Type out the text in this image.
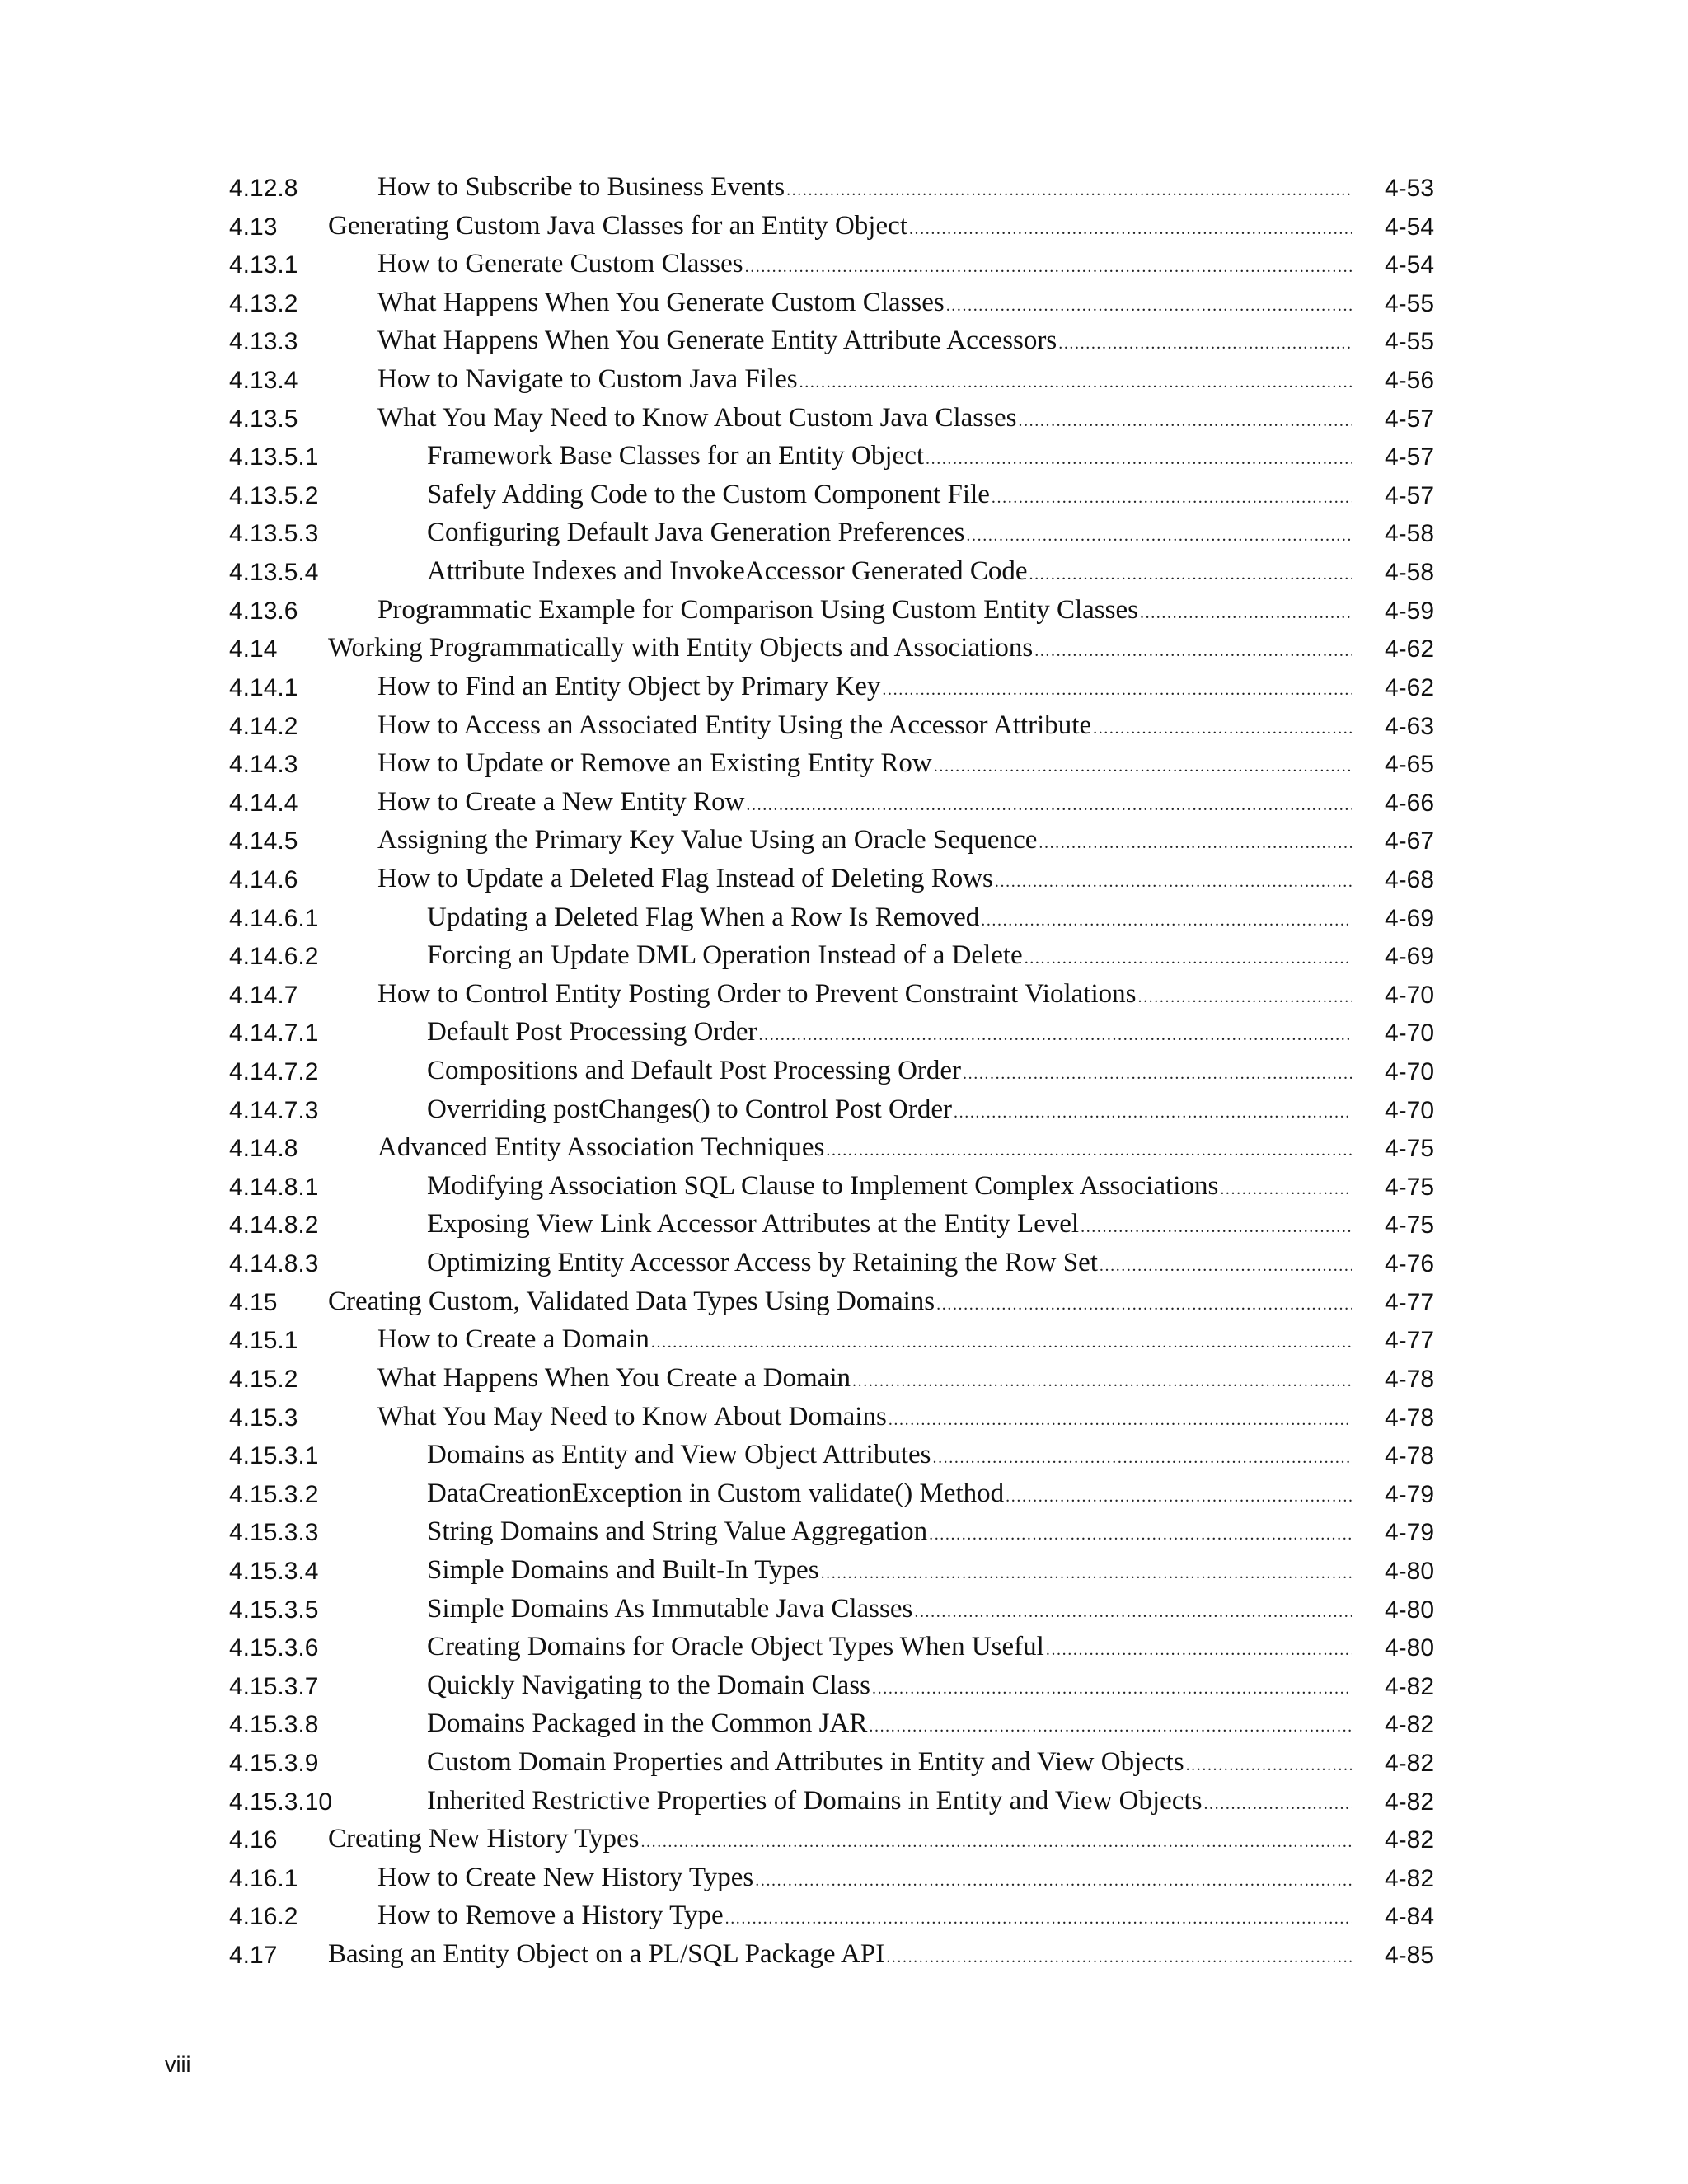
4.12.8	How to Subscribe to Business Events .....	4-53
4.13 Generating Custom Java Classes for an Entity Object .....	4-54
4.13.1	How to Generate Custom Classes .....	4-54
4.13.2	What Happens When You Generate Custom Classes .....	4-55
4.13.3	What Happens When You Generate Entity Attribute Accessors .....	4-55
4.13.4	How to Navigate to Custom Java Files .....	4-56
4.13.5	What You May Need to Know About Custom Java Classes .....	4-57
4.13.5.1	Framework Base Classes for an Entity Object .....	4-57
4.13.5.2	Safely Adding Code to the Custom Component File .....	4-57
4.13.5.3	Configuring Default Java Generation Preferences .....	4-58
4.13.5.4	Attribute Indexes and InvokeAccessor Generated Code .....	4-58
4.13.6	Programmatic Example for Comparison Using Custom Entity Classes .....	4-59
4.14 Working Programmatically with Entity Objects and Associations .....	4-62
4.14.1	How to Find an Entity Object by Primary Key .....	4-62
4.14.2	How to Access an Associated Entity Using the Accessor Attribute .....	4-63
4.14.3	How to Update or Remove an Existing Entity Row .....	4-65
4.14.4	How to Create a New Entity Row .....	4-66
4.14.5	Assigning the Primary Key Value Using an Oracle Sequence .....	4-67
4.14.6	How to Update a Deleted Flag Instead of Deleting Rows .....	4-68
4.14.6.1	Updating a Deleted Flag When a Row Is Removed .....	4-69
4.14.6.2	Forcing an Update DML Operation Instead of a Delete .....	4-69
4.14.7	How to Control Entity Posting Order to Prevent Constraint Violations .....	4-70
4.14.7.1	Default Post Processing Order .....	4-70
4.14.7.2	Compositions and Default Post Processing Order .....	4-70
4.14.7.3	Overriding postChanges() to Control Post Order .....	4-70
4.14.8	Advanced Entity Association Techniques .....	4-75
4.14.8.1	Modifying Association SQL Clause to Implement Complex Associations .....	4-75
4.14.8.2	Exposing View Link Accessor Attributes at the Entity Level .....	4-75
4.14.8.3	Optimizing Entity Accessor Access by Retaining the Row Set .....	4-76
4.15 Creating Custom, Validated Data Types Using Domains .....	4-77
4.15.1	How to Create a Domain .....	4-77
4.15.2	What Happens When You Create a Domain .....	4-78
4.15.3	What You May Need to Know About Domains .....	4-78
4.15.3.1	Domains as Entity and View Object Attributes .....	4-78
4.15.3.2	DataCreationException in Custom validate() Method .....	4-79
4.15.3.3	String Domains and String Value Aggregation .....	4-79
4.15.3.4	Simple Domains and Built-In Types .....	4-80
4.15.3.5	Simple Domains As Immutable Java Classes .....	4-80
4.15.3.6	Creating Domains for Oracle Object Types When Useful .....	4-80
4.15.3.7	Quickly Navigating to the Domain Class .....	4-82
4.15.3.8	Domains Packaged in the Common JAR .....	4-82
4.15.3.9	Custom Domain Properties and Attributes in Entity and View Objects .....	4-82
4.15.3.10	Inherited Restrictive Properties of Domains in Entity and View Objects .....	4-82
4.16 Creating New History Types .....	4-82
4.16.1	How to Create New History Types .....	4-82
4.16.2	How to Remove a History Type .....	4-84
4.17 Basing an Entity Object on a PL/SQL Package API .....	4-85
viii
